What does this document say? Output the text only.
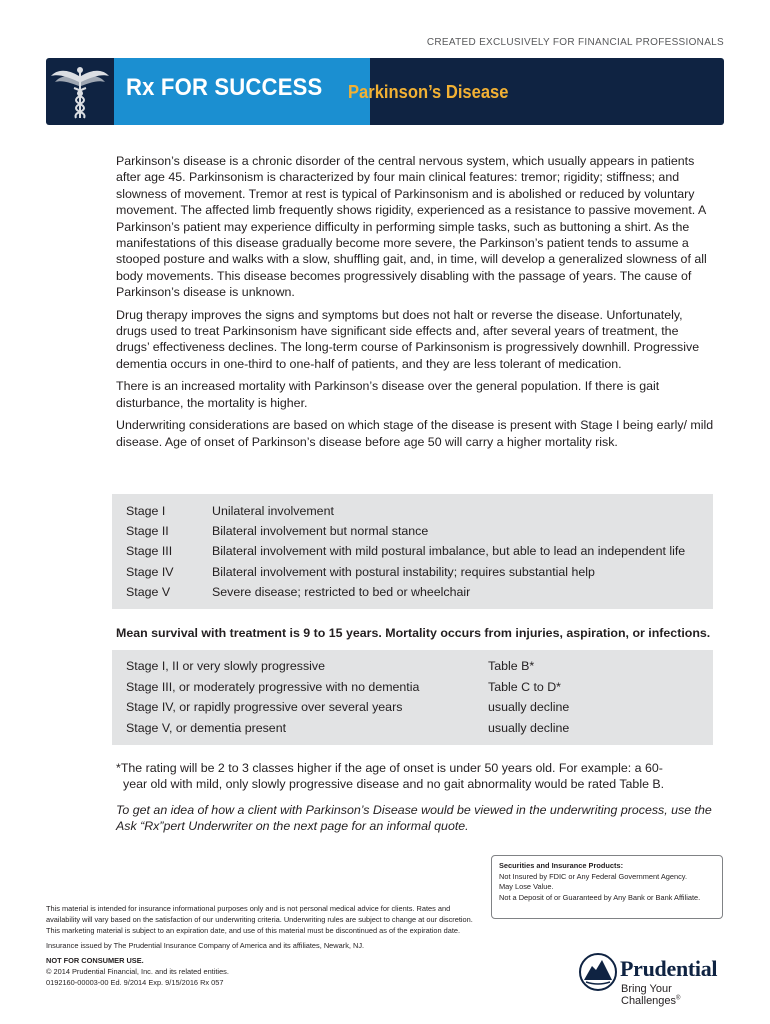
CREATED EXCLUSIVELY FOR FINANCIAL PROFESSIONALS
Rx FOR SUCCESS Parkinson’s Disease

Parkinson’s disease is a chronic disorder of the central nervous system, which usually appears in patients after age 45. Parkinsonism is characterized by four main clinical features: tremor; rigidity; stiffness; and slowness of movement. Tremor at rest is typical of Parkinsonism and is abolished or reduced by voluntary movement. The affected limb frequently shows rigidity, experienced as a resistance to passive movement. A Parkinson’s patient may experience difficulty in performing simple tasks, such as buttoning a shirt. As the manifestations of this disease gradually become more severe, the Parkinson’s patient tends to assume a stooped posture and walks with a slow, shuffling gait, and, in time, will develop a generalized slowness of all body movements. This disease becomes progressively disabling with the passage of years. The cause of Parkinson’s disease is unknown.

Drug therapy improves the signs and symptoms but does not halt or reverse the disease. Unfortunately, drugs used to treat Parkinsonism have significant side effects and, after several years of treatment, the drugs’ effectiveness declines. The long-term course of Parkinsonism is progressively downhill. Progressive dementia occurs in one-third to one-half of patients, and they are less tolerant of medication.

There is an increased mortality with Parkinson’s disease over the general population. If there is gait disturbance, the mortality is higher.

Underwriting considerations are based on which stage of the disease is present with Stage I being early/ mild disease. Age of onset of Parkinson’s disease before age 50 will carry a higher mortality risk.

Stage I	Unilateral involvement
Stage II	Bilateral involvement but normal stance
Stage III	Bilateral involvement with mild postural imbalance, but able to lead an independent life
Stage IV	Bilateral involvement with postural instability; requires substantial help
Stage V	Severe disease; restricted to bed or wheelchair
Mean survival with treatment is 9 to 15 years. Mortality occurs from injuries, aspiration, or infections.
Stage I, II or very slowly progressive	Table B*
Stage III, or moderately progressive with no dementia	Table C to D*
Stage IV, or rapidly progressive over several years	usually decline
Stage V, or dementia present	usually decline
*The rating will be 2 to 3 classes higher if the age of onset is under 50 years old. For example: a 60-
year old with mild, only slowly progressive disease and no gait abnormality would be rated Table B.
To get an idea of how a client with Parkinson’s Disease would be viewed in the underwriting process, use the Ask “Rx”pert Underwriter on the next page for an informal quote.
Securities and Insurance Products:
Not Insured by FDIC or Any Federal Government Agency.
May Lose Value.
Not a Deposit of or Guaranteed by Any Bank or Bank Affiliate.

This material is intended for insurance informational purposes only and is not personal medical advice for clients. Rates and availability will vary based on the satisfaction of our underwriting criteria. Underwriting rules are subject to change at our discretion. This marketing material is subject to an expiration date, and use of this material must be discontinued as of the expiration date.

Insurance issued by The Prudential Insurance Company of America and its affiliates, Newark, NJ.

NOT FOR CONSUMER USE.
© 2014 Prudential Financial, Inc. and its related entities.
0192160-00003-00 Ed. 9/2014 Exp. 9/15/2016 Rx 057
Prudential
Bring Your Challenges®
